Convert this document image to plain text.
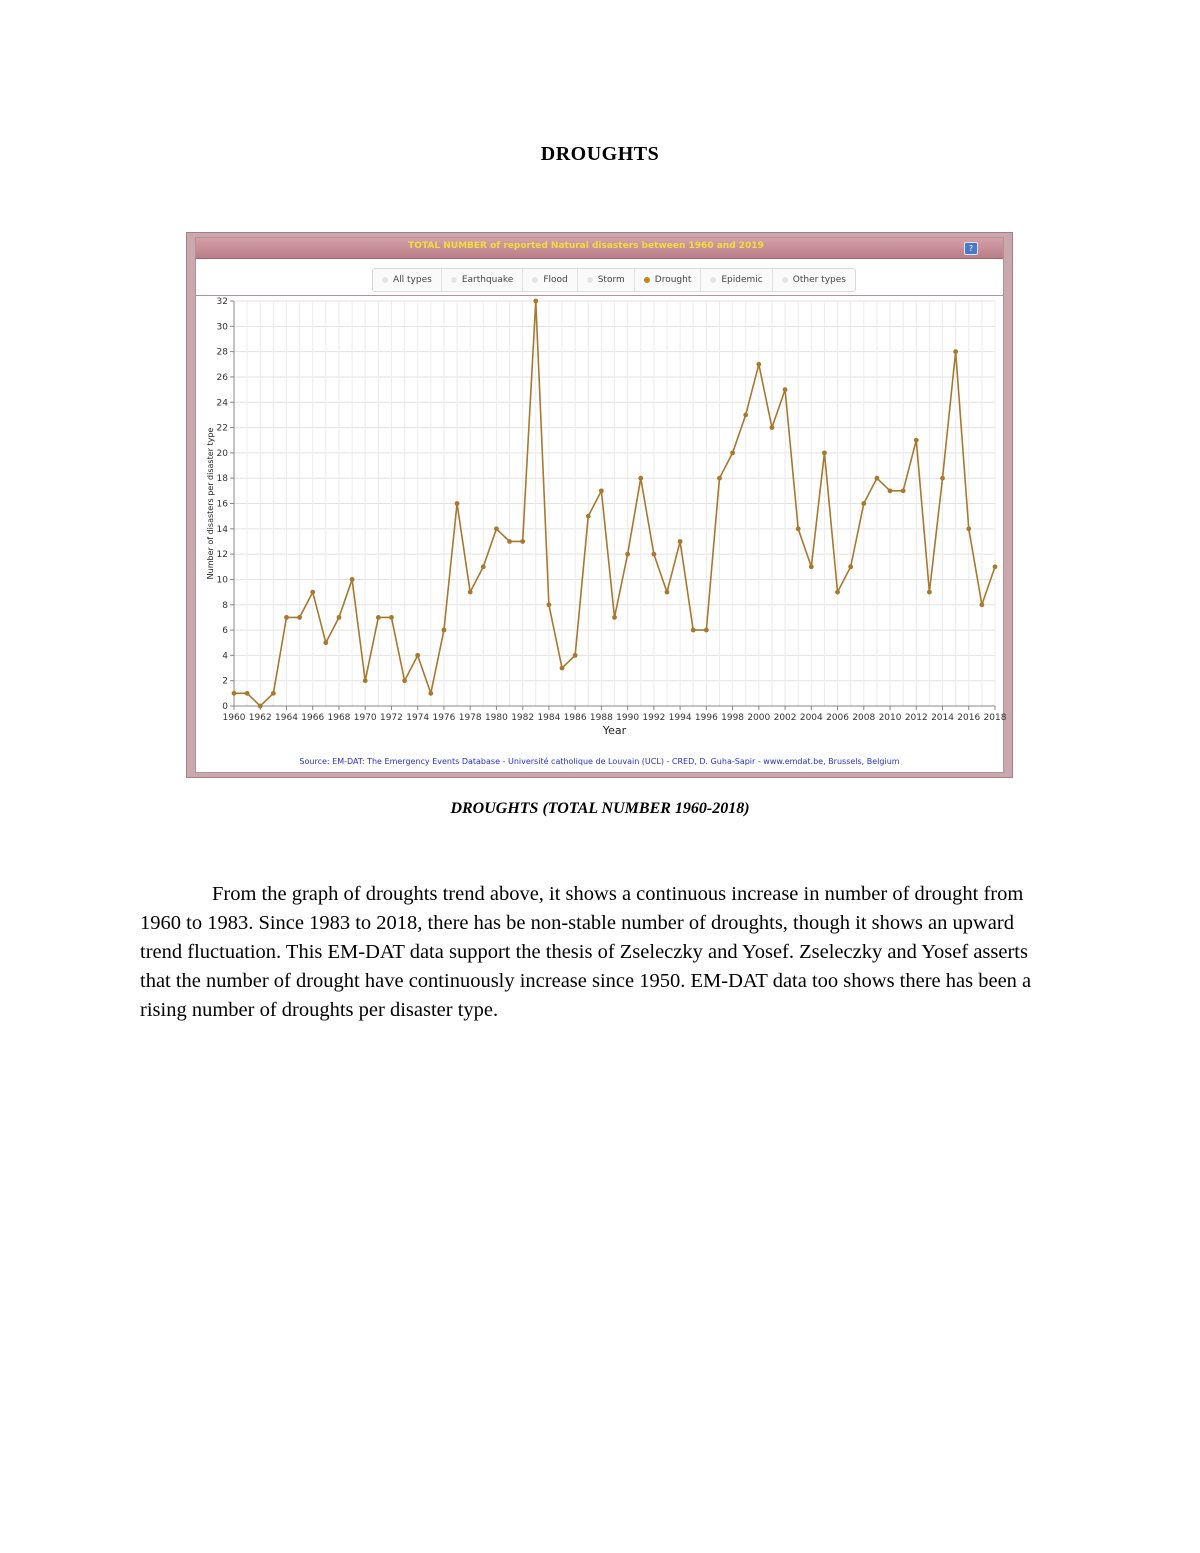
DROUGHTS
TOTAL NUMBER of reported Natural disasters between 1960 and 2019	?
All types	Earthquake	Flood	Storm	Drought	Epidemic	Other types
0
2
4
6
8
10
12
14
16
18
20
22
24
26
28
30
32
1960 1962 1964 1966 1968 1970 1972 1974 1976 1978 1980 1982 1984 1986 1988 1990 1992 1994 1996 1998 2000 2002 2004 2006 2008 2010 2012 2014 2016 2018
Year
Number of disasters per disaster type
Source: EM-DAT: The Emergency Events Database - Université catholique de Louvain (UCL) - CRED, D. Guha-Sapir - www.emdat.be, Brussels, Belgium
DROUGHTS (TOTAL NUMBER 1960-2018)
From the graph of droughts trend above, it shows a continuous increase in number of drought from 1960 to 1983. Since 1983 to 2018, there has be non-stable number of droughts, though it shows an upward trend fluctuation. This EM-DAT data support the thesis of Zseleczky and Yosef. Zseleczky and Yosef asserts that the number of drought have continuously increase since 1950. EM-DAT data too shows there has been a rising number of droughts per disaster type.
